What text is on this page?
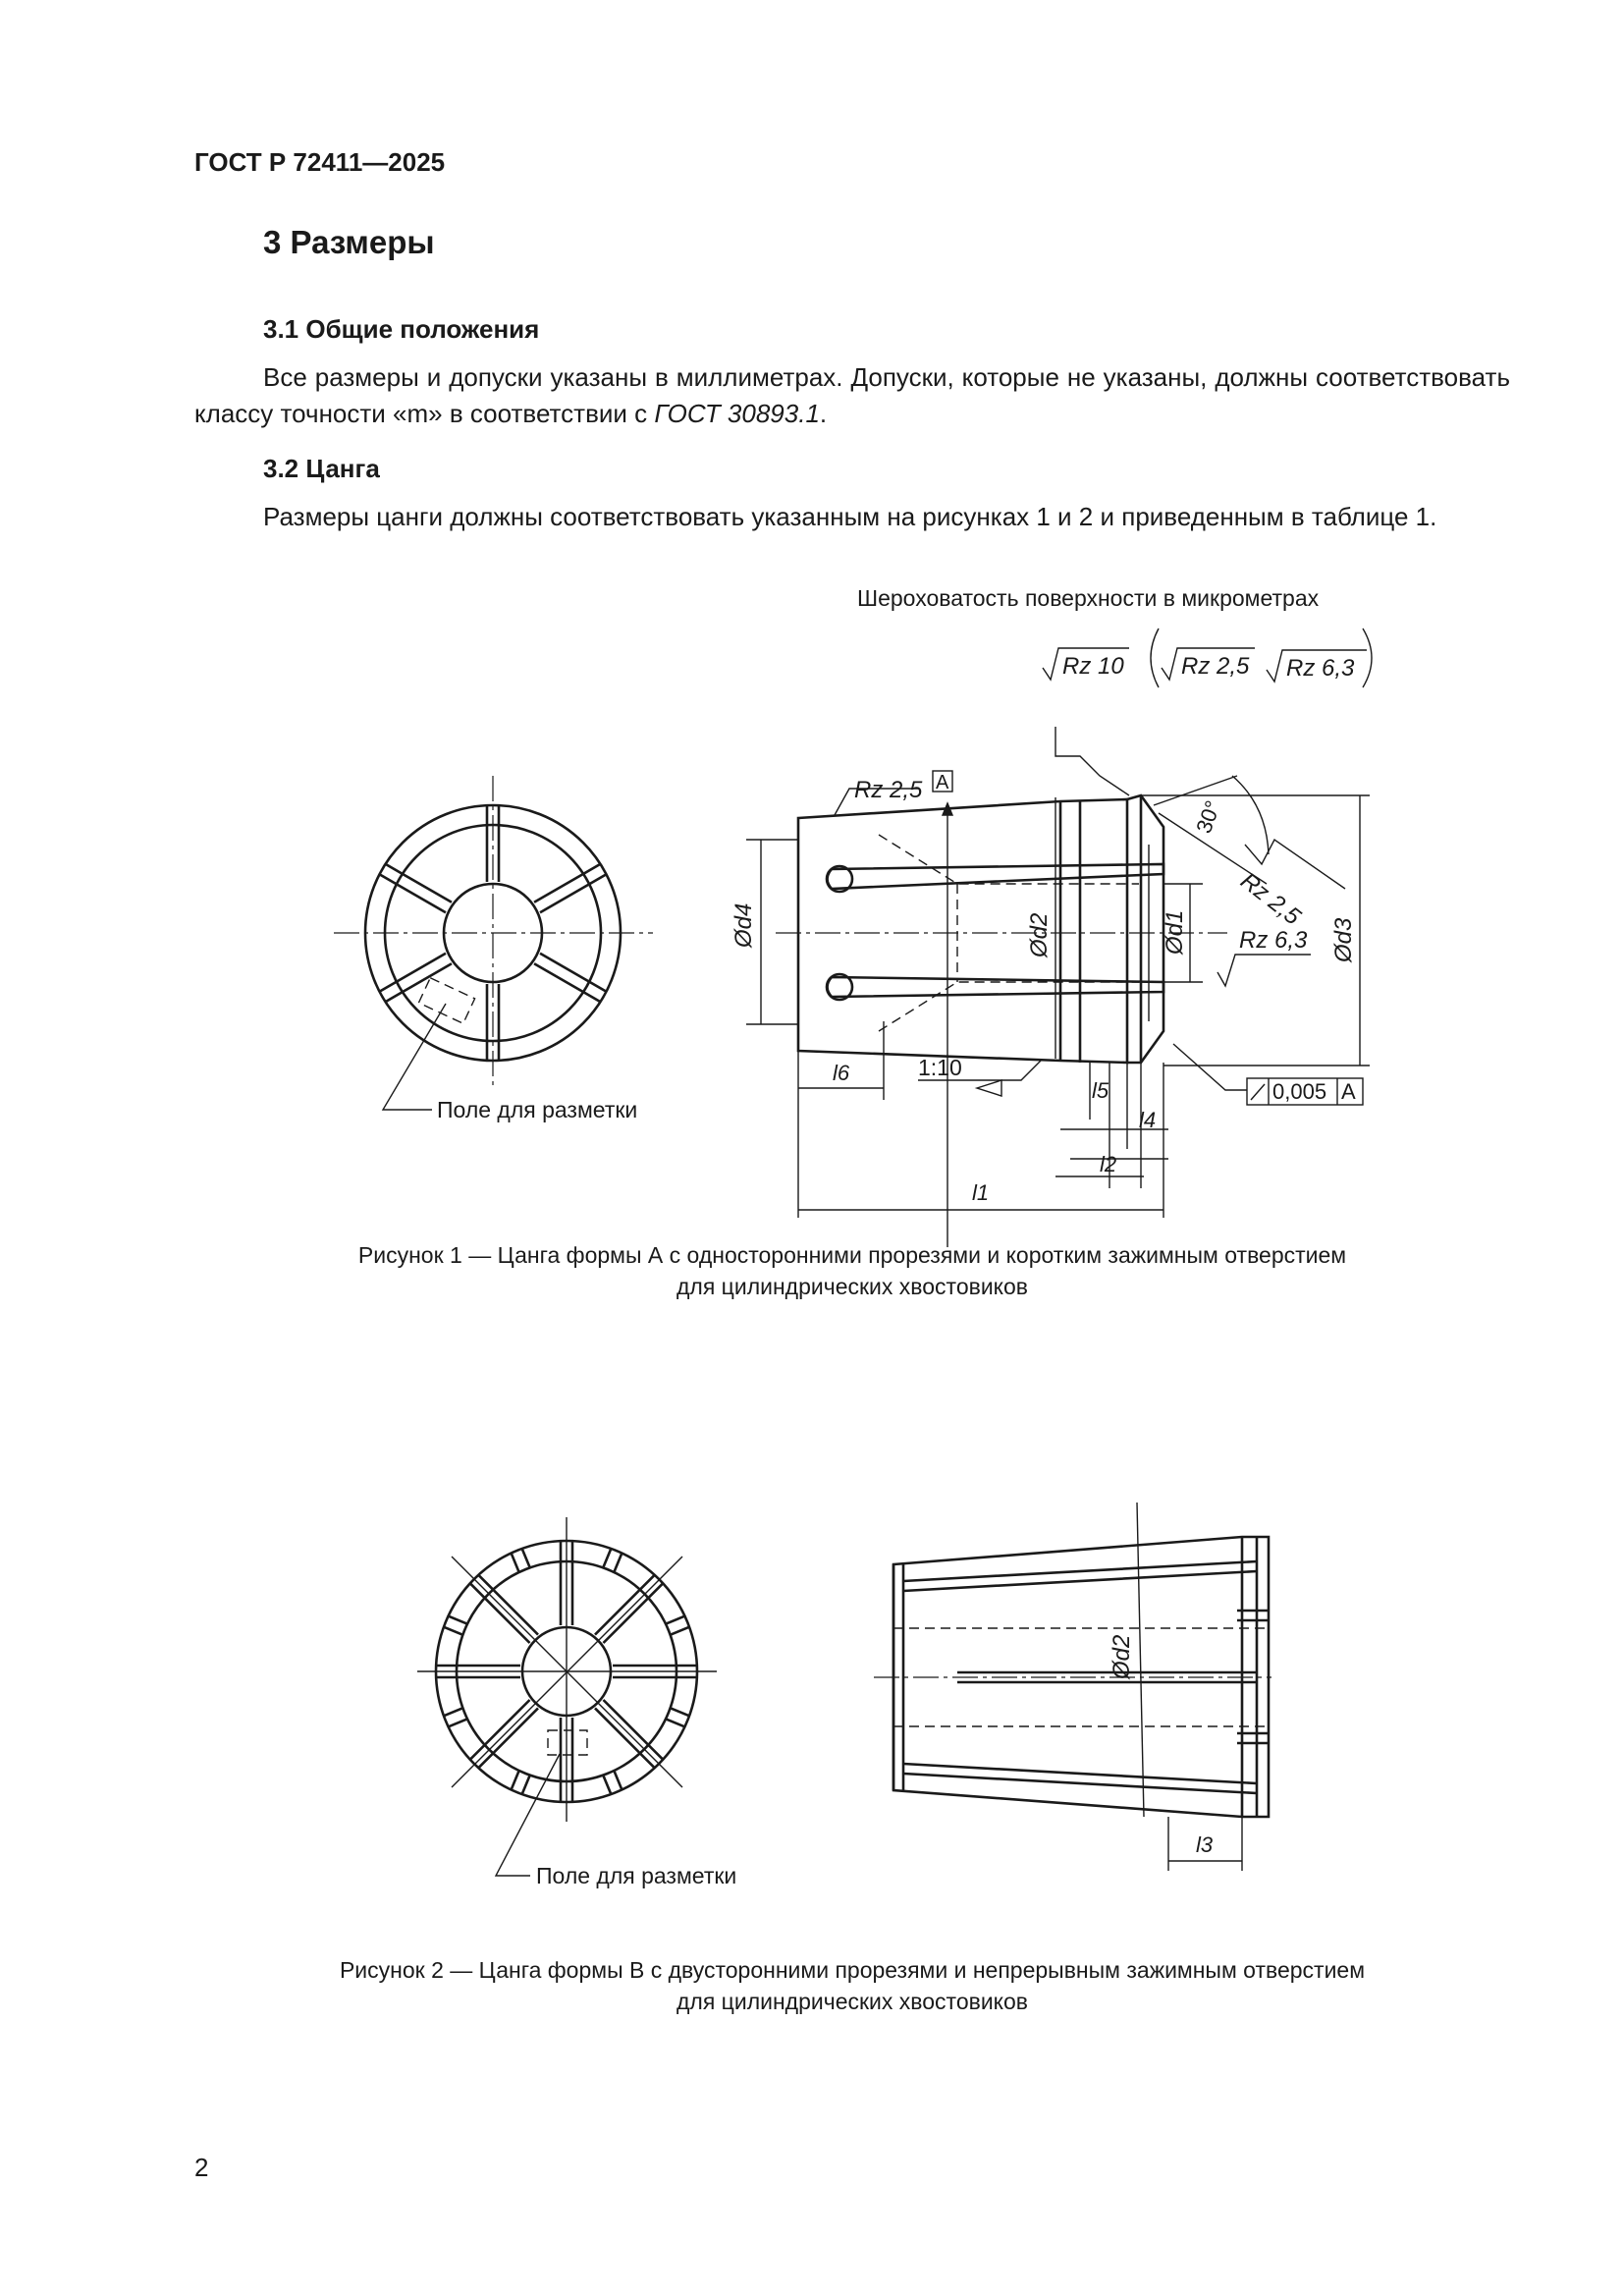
ГОСТ Р 72411—2025
3 Размеры
3.1 Общие положения
Все размеры и допуски указаны в миллиметрах. Допуски, которые не указаны, должны соответствовать классу точности «m» в соответствии с ГОСТ 30893.1.
3.2 Цанга
Размеры цанги должны соответствовать указанным на рисунках 1 и 2 и приведенным в таблице 1.
Шероховатость поверхности в микрометрах
Rz 10 Rz 2,5 Rz 6,3
Поле для разметки
A
Rz 2,5
Rz 2,5
Rz 6,3
30°
1:10
0,005 A
Ød4	Ød2	Ød1	Ød3
l6
l5
l4
l2
l1
Рисунок 1 — Цанга формы А с односторонними прорезями и коротким зажимным отверстием
для цилиндрических хвостовиков
Поле для разметки
Ød2
l3
Рисунок 2 — Цанга формы В с двусторонними прорезями и непрерывным зажимным отверстием
для цилиндрических хвостовиков
2
